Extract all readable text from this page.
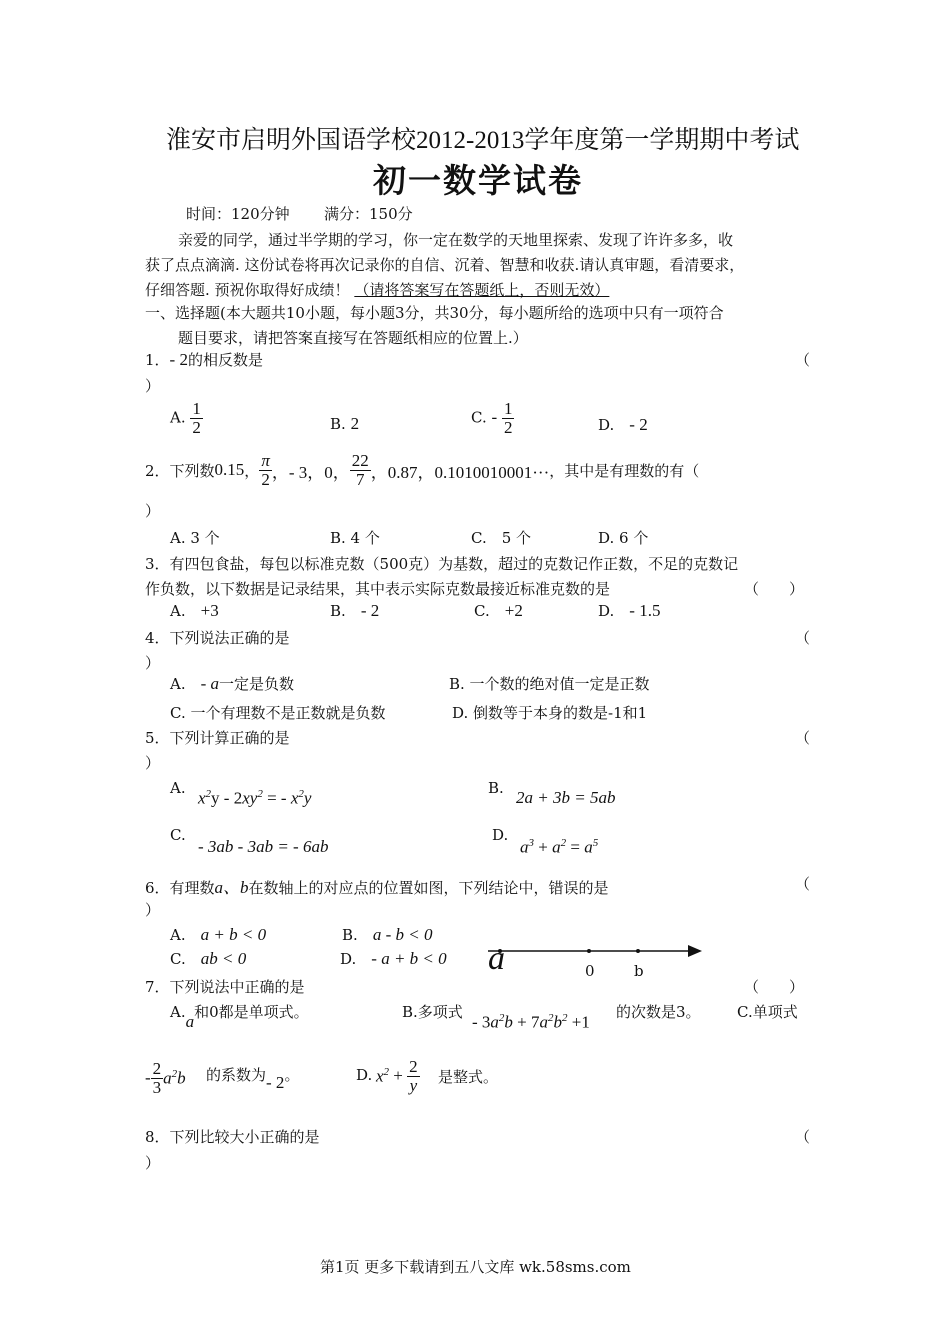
淮安市启明外国语学校2012-2013学年度第一学期期中考试
初一数学试卷
时间：120分钟 满分：150分
亲爱的同学，通过半学期的学习，你一定在数学的天地里探索、发现了许许多多，收
获了点点滴滴. 这份试卷将再次记录你的自信、沉着、智慧和收获.请认真审题，看清要求，
仔细答题. 预祝你取得好成绩！ （请将答案写在答题纸上，否则无效）
一、选择题(本大题共10小题，每小题3分，共30分，每小题所给的选项中只有一项符合
题目要求，请把答案直接写在答题纸相应的位置上.）
1．- 2的相反数是	（
）
A. $\frac{1}{2}$	B. 2	C. - $\frac{1}{2}$	D.　 - 2
2．下列数 0.15 ， $\frac{\pi}{2}$ ，- 3，0， $\frac{22}{7}$ ，0.87，0.1010010001··· ，其中是有理数的有（
）
A. 3 个	B. 4 个	C.　5 个	D. 6 个
3．有四包食盐，每包以标准克数（500克）为基数，超过的克数记作正数，不足的克数记
作负数，以下数据是记录结果，其中表示实际克数最接近标准克数的是	（　　）
A.　 +3	B.　 - 2	C.　 +2	D.　 - 1.5
4．下列说法正确的是	（
）
A.　 - a一定是负数	B. 一个数的绝对值一定是正数
C. 一个有理数不是正数就是负数	D. 倒数等于本身的数是-1和1
5．下列计算正确的是	（
）
A.
$x^2y - 2xy^2$ = - $x^2y$
B. 2a + 3b = 5ab
C.
- 3ab - 3ab = - 6ab
D.
$a^3 + a^2 = a^5$
6．有理数a、b在数轴上的对应点的位置如图，下列结论中，错误的是	（
）
A.　 a + b < 0	B.　 a - b < 0
C.　 ab < 0	D.　 - a + b < 0 a	0	b
7．下列说法中正确的是	（　　）
A.a和0都是单项式。	B.多项式
- $3a^2b + 7a^2b^2 +1$
的次数是3。 C.单项式
- $\frac{2}{3} a^2b$ 的系数为- 2。	D. $x^2 + \frac{2}{y}$ 是整式。
8．下列比较大小正确的是	（
）
第1页 更多下载请到五八文库 wk.58sms.com
